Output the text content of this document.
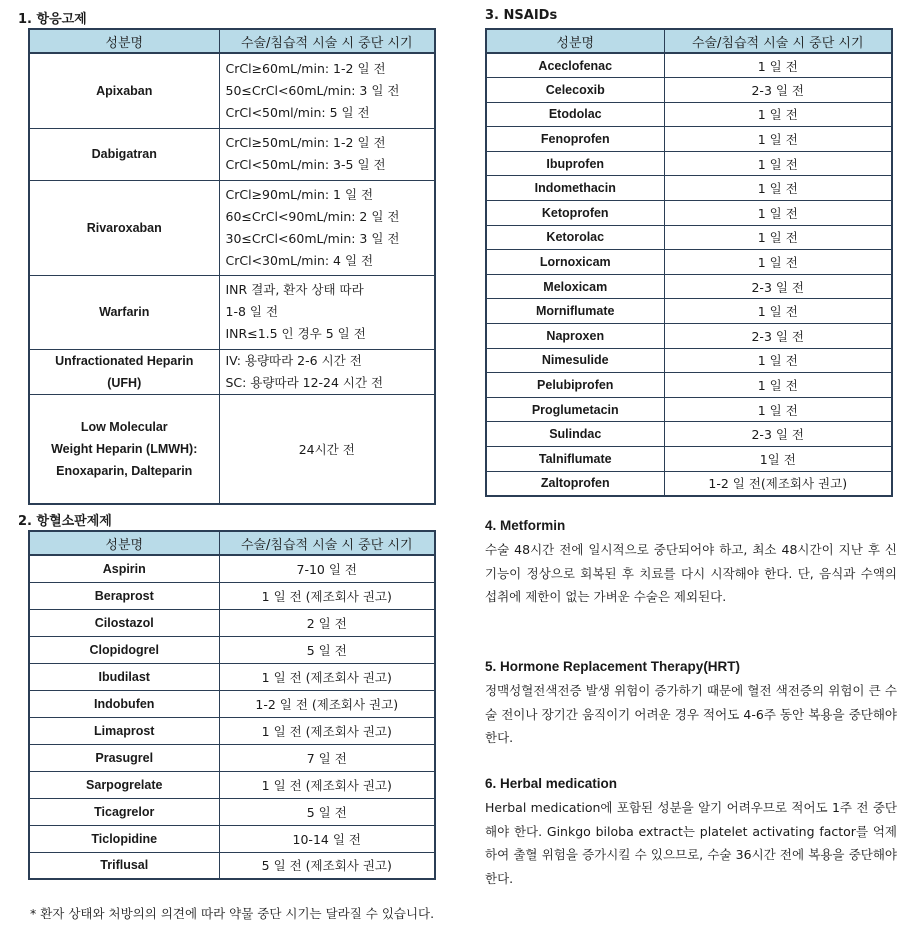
1. 항응고제
성분명	수술/침습적 시술 시 중단 시기

Apixaban	CrCl≥60mL/min: 1-2 일 전
50≤CrCl<60mL/min: 3 일 전
CrCl<50ml/min: 5 일 전

Dabigatran	CrCl≥50mL/min: 1-2 일 전
CrCl<50mL/min: 3-5 일 전

Rivaroxaban	CrCl≥90mL/min: 1 일 전
60≤CrCl<90mL/min: 2 일 전
30≤CrCl<60mL/min: 3 일 전
CrCl<30mL/min: 4 일 전

Warfarin	INR 결과, 환자 상태 따라
1-8 일 전
INR≤1.5 인 경우 5 일 전

Unfractionated Heparin
(UFH)	IV: 용량따라 2-6 시간 전
SC: 용량따라 12-24 시간 전

Low Molecular
Weight Heparin (LMWH):
Enoxaparin, Dalteparin	24시간 전
2. 항혈소판제제
성분명	수술/침습적 시술 시 중단 시기
Aspirin	7-10 일 전
Beraprost	1 일 전 (제조회사 권고)
Cilostazol	2 일 전
Clopidogrel	5 일 전
Ibudilast	1 일 전 (제조회사 권고)
Indobufen	1-2 일 전 (제조회사 권고)
Limaprost	1 일 전 (제조회사 권고)
Prasugrel	7 일 전
Sarpogrelate	1 일 전 (제조회사 권고)
Ticagrelor	5 일 전
Ticlopidine	10-14 일 전
Triflusal	5 일 전 (제조회사 권고)
3. NSAIDs
성분명	수술/침습적 시술 시 중단 시기
Aceclofenac	1 일 전
Celecoxib	2-3 일 전
Etodolac	1 일 전
Fenoprofen	1 일 전
Ibuprofen	1 일 전
Indomethacin	1 일 전
Ketoprofen	1 일 전
Ketorolac	1 일 전
Lornoxicam	1 일 전
Meloxicam	2-3 일 전
Morniflumate	1 일 전
Naproxen	2-3 일 전
Nimesulide	1 일 전
Pelubiprofen	1 일 전
Proglumetacin	1 일 전
Sulindac	2-3 일 전
Talniflumate	1일 전
Zaltoprofen	1-2 일 전(제조회사 권고)
4. Metformin

수술 48시간 전에 일시적으로 중단되어야 하고, 최소 48시간이 지난 후 신기능이 정상으로 회복된 후 치료를 다시 시작해야 한다. 단, 음식과 수액의 섭취에 제한이 없는 가벼운 수술은 제외된다.

5. Hormone Replacement Therapy(HRT)

정맥성혈전색전증 발생 위험이 증가하기 때문에 혈전 색전증의 위험이 큰 수술 전이나 장기간 움직이기 어려운 경우 적어도 4-6주 동안 복용을 중단해야 한다.

6. Herbal medication

Herbal medication에 포함된 성분을 알기 어려우므로 적어도 1주 전 중단해야 한다. Ginkgo biloba extract는 platelet activating factor를 억제하여 출혈 위험을 증가시킬 수 있으므로, 수술 36시간 전에 복용을 중단해야 한다.

* 환자 상태와 처방의의 의견에 따라 약물 중단 시기는 달라질 수 있습니다.
